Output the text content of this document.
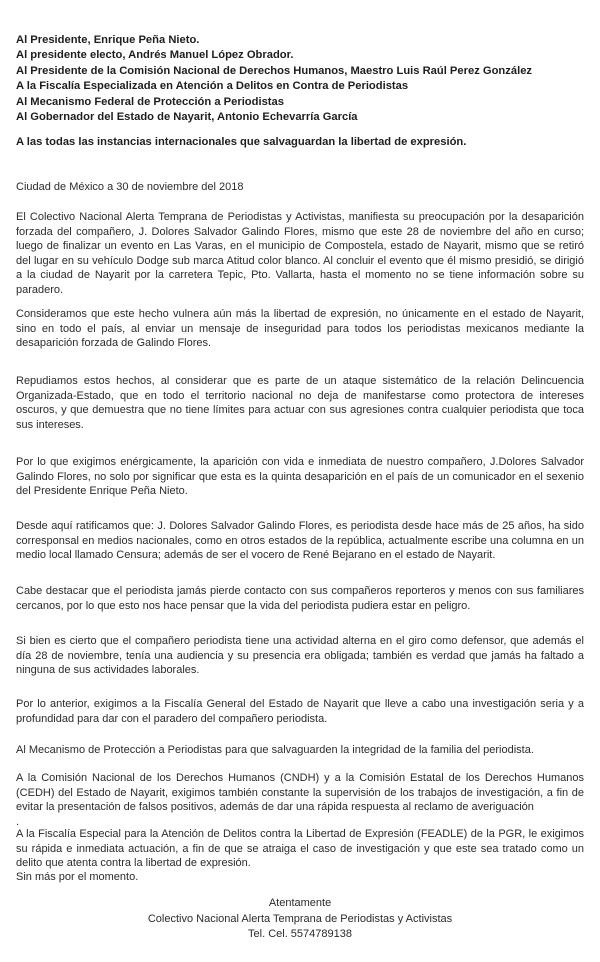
Al Presidente, Enrique Peña Nieto.
Al presidente electo, Andrés Manuel López Obrador.
Al Presidente de la Comisión Nacional de Derechos Humanos, Maestro Luis Raúl Perez González
A la Fiscalía Especializada en Atención a Delitos en Contra de Periodistas
Al Mecanismo Federal de Protección a Periodistas
Al Gobernador del Estado de Nayarit, Antonio Echevarría García
A las todas las instancias internacionales que salvaguardan la libertad de expresión.
Ciudad de México a 30 de noviembre del 2018
El Colectivo Nacional Alerta Temprana de Periodistas y Activistas, manifiesta su preocupación por la desaparición forzada del compañero, J. Dolores Salvador Galindo Flores, mismo que este 28 de noviembre del año en curso; luego de finalizar un evento en Las Varas, en el municipio de Compostela, estado de Nayarit, mismo que se retiró del lugar en su vehículo Dodge sub marca Atitud color blanco. Al concluir el evento que él mismo presidió, se dirigió a la ciudad de Nayarit por la carretera Tepic, Pto. Vallarta, hasta el momento no se tiene información sobre su paradero.
Consideramos que este hecho vulnera aún más la libertad de expresión, no únicamente en el estado de Nayarit, sino en todo el país, al enviar un mensaje de inseguridad para todos los periodistas mexicanos mediante la desaparición forzada de Galindo Flores.
Repudiamos estos hechos, al considerar que es parte de un ataque sistemático de la relación Delincuencia Organizada-Estado, que en todo el territorio nacional no deja de manifestarse como protectora de intereses oscuros, y que demuestra que no tiene límites para actuar con sus agresiones contra cualquier periodista que toca sus intereses.
Por lo que exigimos enérgicamente, la aparición con vida e inmediata de nuestro compañero, J.Dolores Salvador Galindo Flores, no solo por significar que esta es la quinta desaparición en el país de un comunicador en el sexenio del Presidente Enrique Peña Nieto.
Desde aquí ratificamos que: J. Dolores Salvador Galindo Flores, es periodista desde hace más de 25 años, ha sido corresponsal en medios nacionales, como en otros estados de la república, actualmente escribe una columna en un medio local llamado Censura; además de ser el vocero de René Bejarano en el estado de Nayarit.
Cabe destacar que el periodista jamás pierde contacto con sus compañeros reporteros y menos con sus familiares cercanos, por lo que esto nos hace pensar que la vida del periodista pudiera estar en peligro.
Si bien es cierto que el compañero periodista tiene una actividad alterna en el giro como defensor, que además el día 28 de noviembre, tenía una audiencia y su presencia era obligada; también es verdad que jamás ha faltado a ninguna de sus actividades laborales.
Por lo anterior, exigimos a la Fiscalía General del Estado de Nayarit que lleve a cabo una investigación seria y a profundidad para dar con el paradero del compañero periodista.
Al Mecanismo de Protección a Periodistas para que salvaguarden la integridad de la familia del periodista.
A la Comisión Nacional de los Derechos Humanos (CNDH) y a la Comisión Estatal de los Derechos Humanos (CEDH) del Estado de Nayarit, exigimos también constante la supervisión de los trabajos de investigación, a fin de evitar la presentación de falsos positivos, además de dar una rápida respuesta al reclamo de averiguación
.
A la Fiscalía Especial para la Atención de Delitos contra la Libertad de Expresión (FEADLE) de la PGR, le exigimos su rápida e inmediata actuación, a fin de que se atraiga el caso de investigación y que este sea tratado como un delito que atenta contra la libertad de expresión.
Sin más por el momento.
Atentamente
Colectivo Nacional Alerta Temprana de Periodistas y Activistas
Tel. Cel. 5574789138
